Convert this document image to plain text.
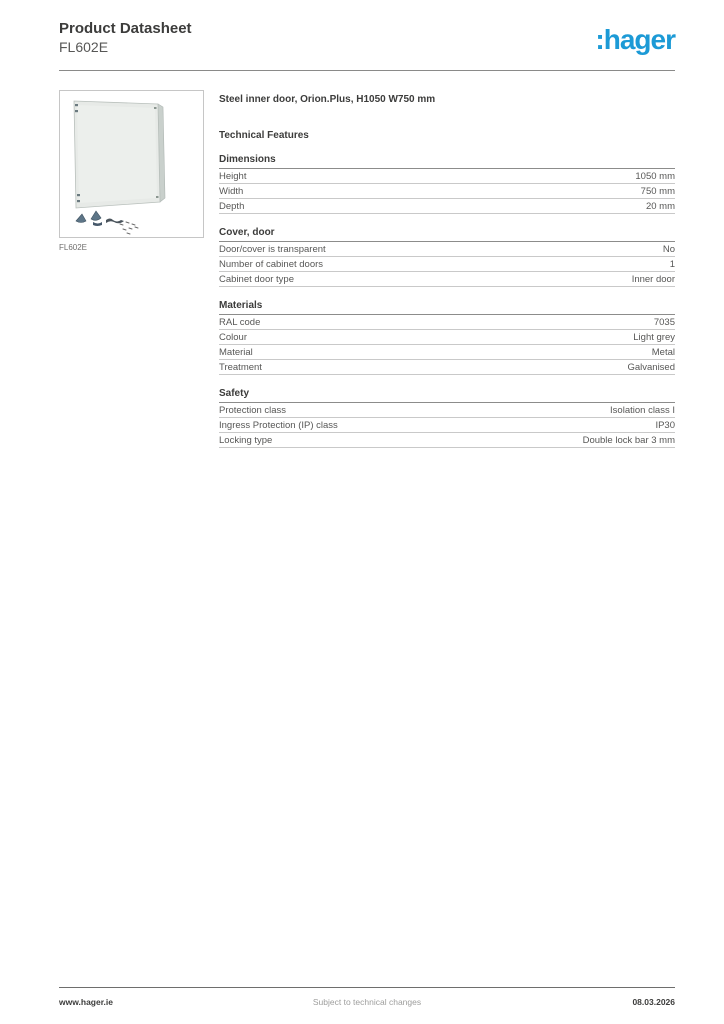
Product Datasheet
FL602E	:hager
FL602E
Steel inner door, Orion.Plus, H1050 W750 mm
Technical Features
Dimensions
Height	1050 mm
Width	750 mm
Depth	20 mm
Cover, door
Door/cover is transparent	No
Number of cabinet doors	1
Cabinet door type	Inner door
Materials
RAL code	7035
Colour	Light grey
Material	Metal
Treatment	Galvanised
Safety
Protection class	Isolation class I
Ingress Protection (IP) class	IP30
Locking type	Double lock bar 3 mm
www.hager.ie	Subject to technical changes	08.03.2026
